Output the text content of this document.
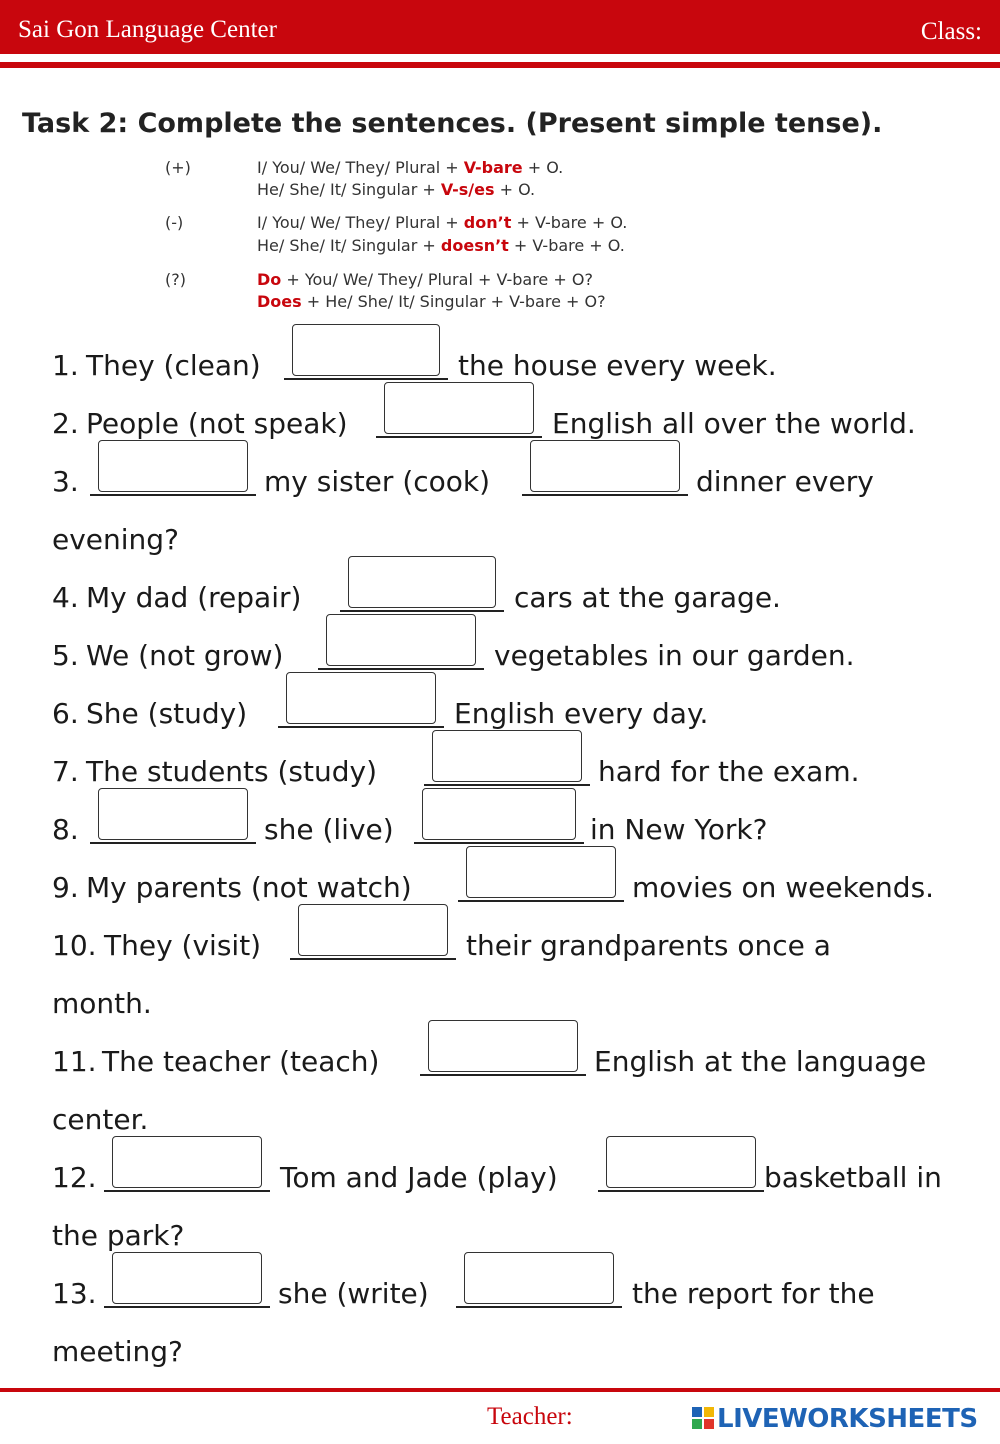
Sai Gon Language Center	Class:
Task 2: Complete the sentences. (Present simple tense).
(+)	I/ You/ We/ They/ Plural + V-bare + O.
He/ She/ It/ Singular + V-s/es + O.
(-)	I/ You/ We/ They/ Plural + don’t + V-bare + O.
He/ She/ It/ Singular + doesn’t + V-bare + O.
(?)	Do + You/ We/ They/ Plural + V-bare + O?
Does + He/ She/ It/ Singular + V-bare + O?
1. They (clean)	the house every week.
2. People (not speak)	English all over the world.
3.	my sister (cook)	dinner every
evening?
4. My dad (repair)	cars at the garage.
5. We (not grow)	vegetables in our garden.
6. She (study)	English every day.
7. The students (study)	hard for the exam.
8.	she (live)	in New York?
9. My parents (not watch)	movies on weekends.
10. They (visit)	their grandparents once a
month.
11. The teacher (teach)	English at the language
center.
12.	Tom and Jade (play)	basketball in
the park?
13.	she (write)	the report for the
meeting?
Teacher:	LIVEWORKSHEETS
